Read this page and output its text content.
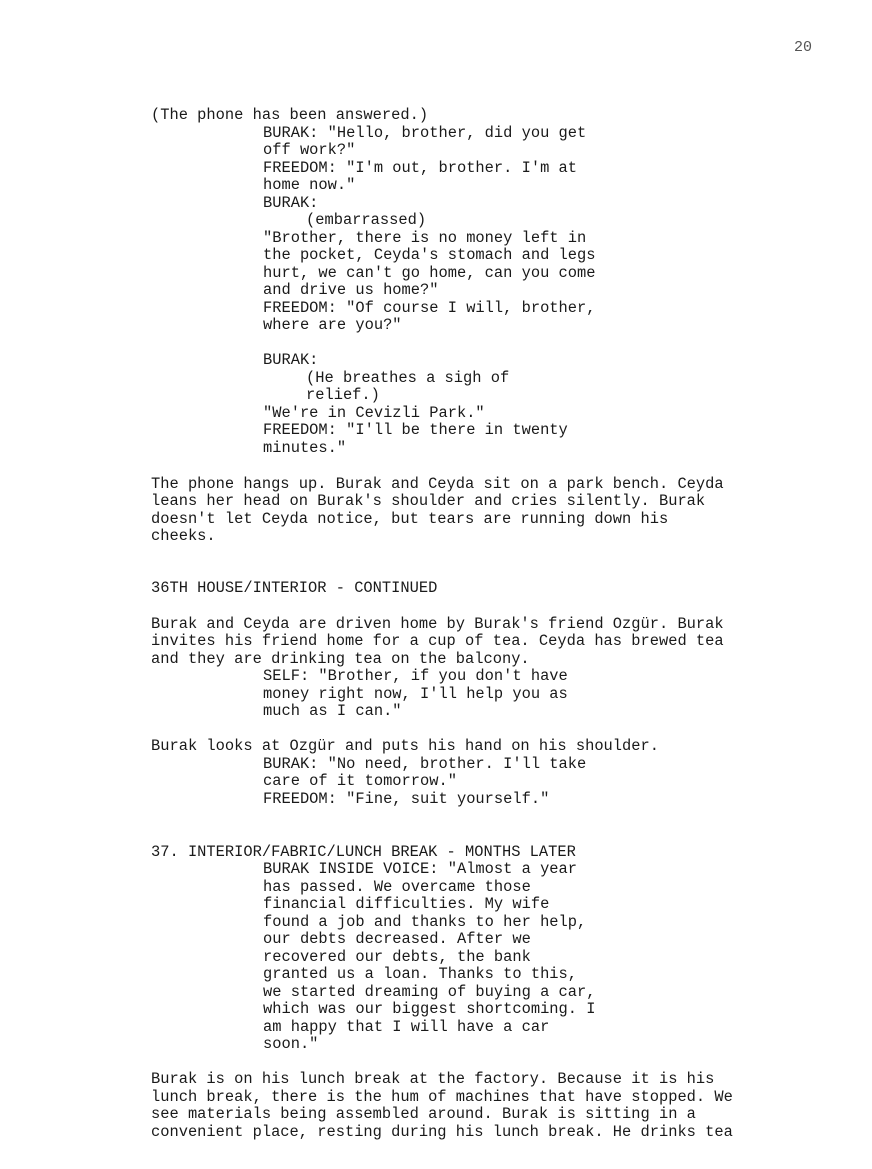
20
(The phone has been answered.)
BURAK: "Hello, brother, did you get
off work?"
FREEDOM: "I'm out, brother. I'm at
home now."
BURAK:
(embarrassed)
"Brother, there is no money left in
the pocket, Ceyda's stomach and legs
hurt, we can't go home, can you come
and drive us home?"
FREEDOM: "Of course I will, brother,
where are you?"
BURAK:
(He breathes a sigh of
relief.)
"We're in Cevizli Park."
FREEDOM: "I'll be there in twenty
minutes."
The phone hangs up. Burak and Ceyda sit on a park bench. Ceyda
leans her head on Burak's shoulder and cries silently. Burak
doesn't let Ceyda notice, but tears are running down his
cheeks.
36TH HOUSE/INTERIOR - CONTINUED
Burak and Ceyda are driven home by Burak's friend Ozgür. Burak
invites his friend home for a cup of tea. Ceyda has brewed tea
and they are drinking tea on the balcony.
SELF: "Brother, if you don't have
money right now, I'll help you as
much as I can."
Burak looks at Ozgür and puts his hand on his shoulder.
BURAK: "No need, brother. I'll take
care of it tomorrow."
FREEDOM: "Fine, suit yourself."
37. INTERIOR/FABRIC/LUNCH BREAK - MONTHS LATER
BURAK INSIDE VOICE: "Almost a year
has passed. We overcame those
financial difficulties. My wife
found a job and thanks to her help,
our debts decreased. After we
recovered our debts, the bank
granted us a loan. Thanks to this,
we started dreaming of buying a car,
which was our biggest shortcoming. I
am happy that I will have a car
soon."
Burak is on his lunch break at the factory. Because it is his
lunch break, there is the hum of machines that have stopped. We
see materials being assembled around. Burak is sitting in a
convenient place, resting during his lunch break. He drinks tea
